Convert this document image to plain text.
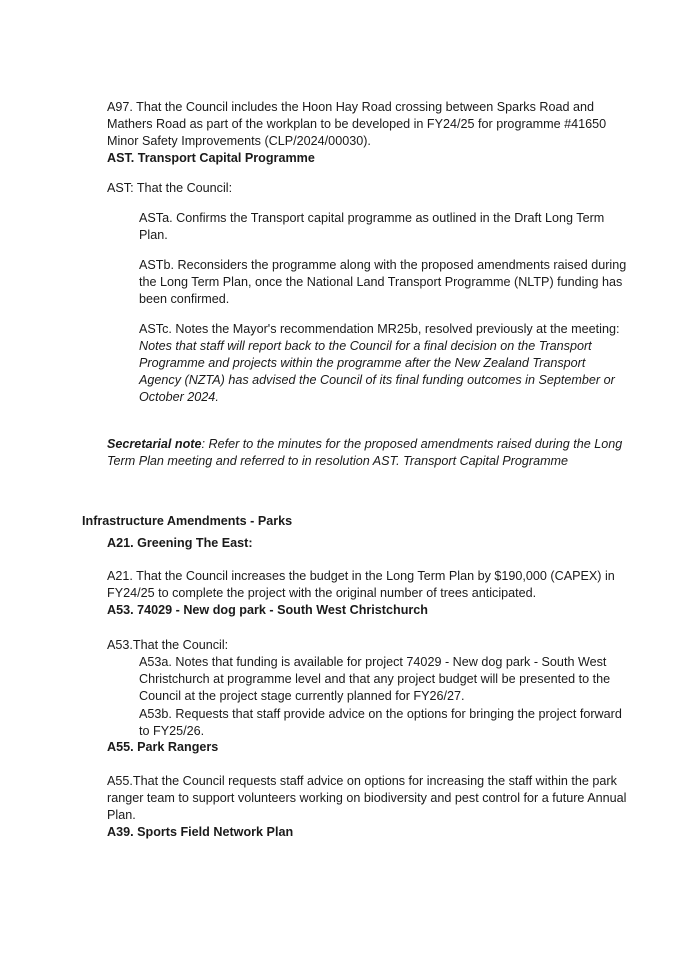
A97. That the Council includes the Hoon Hay Road crossing between Sparks Road and Mathers Road as part of the workplan to be developed in FY24/25 for programme #41650 Minor Safety Improvements (CLP/2024/00030).

AST. Transport Capital Programme

AST: That the Council:

ASTa. Confirms the Transport capital programme as outlined in the Draft Long Term Plan.

ASTb. Reconsiders the programme along with the proposed amendments raised during the Long Term Plan, once the National Land Transport Programme (NLTP) funding has been confirmed.

ASTc. Notes the Mayor's recommendation MR25b, resolved previously at the meeting:

Notes that staff will report back to the Council for a final decision on the Transport Programme and projects within the programme after the New Zealand Transport Agency (NZTA) has advised the Council of its final funding outcomes in September or October 2024.

Secretarial note: Refer to the minutes for the proposed amendments raised during the Long Term Plan meeting and referred to in resolution AST. Transport Capital Programme

Infrastructure Amendments - Parks

A21. Greening The East:

A21. That the Council increases the budget in the Long Term Plan by $190,000 (CAPEX) in FY24/25 to complete the project with the original number of trees anticipated.

A53. 74029 - New dog park - South West Christchurch

A53.That the Council:

A53a. Notes that funding is available for project 74029 - New dog park - South West Christchurch at programme level and that any project budget will be presented to the Council at the project stage currently planned for FY26/27.

A53b. Requests that staff provide advice on the options for bringing the project forward to FY25/26.

A55. Park Rangers

A55.That the Council requests staff advice on options for increasing the staff within the park ranger team to support volunteers working on biodiversity and pest control for a future Annual Plan.

A39. Sports Field Network Plan
